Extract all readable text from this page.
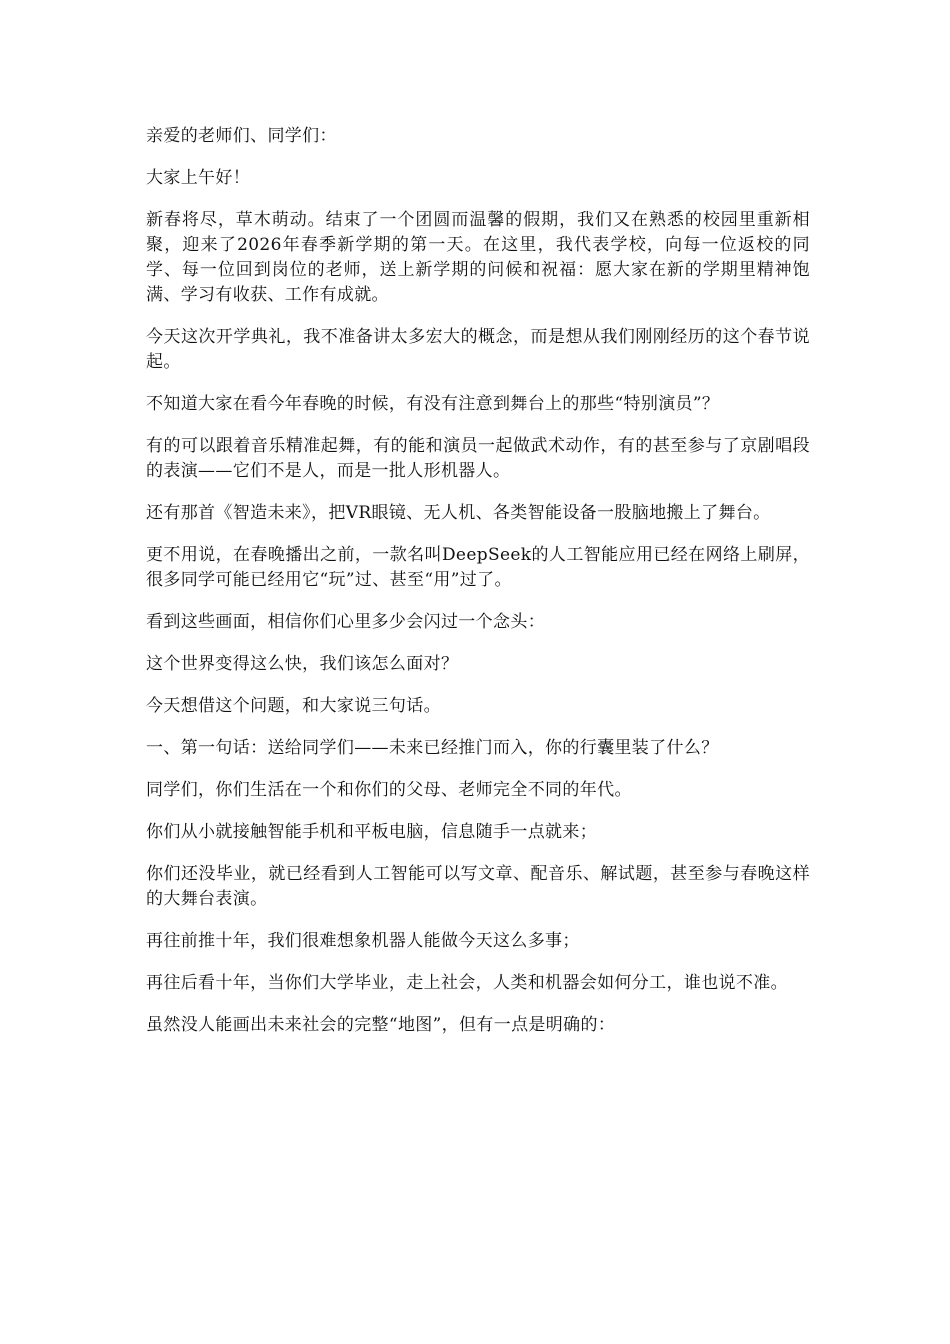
亲爱的老师们、同学们：

大家上午好！

新春将尽，草木萌动。结束了一个团圆而温馨的假期，我们又在熟悉的校园里重新相聚，迎来了2026年春季新学期的第一天。在这里，我代表学校，向每一位返校的同学、每一位回到岗位的老师，送上新学期的问候和祝福：愿大家在新的学期里精神饱满、学习有收获、工作有成就。

今天这次开学典礼，我不准备讲太多宏大的概念，而是想从我们刚刚经历的这个春节说起。

不知道大家在看今年春晚的时候，有没有注意到舞台上的那些“特别演员”？

有的可以跟着音乐精准起舞，有的能和演员一起做武术动作，有的甚至参与了京剧唱段的表演——它们不是人，而是一批人形机器人。

还有那首《智造未来》，把VR眼镜、无人机、各类智能设备一股脑地搬上了舞台。

更不用说，在春晚播出之前，一款名叫DeepSeek的人工智能应用已经在网络上刷屏，很多同学可能已经用它“玩”过、甚至“用”过了。

看到这些画面，相信你们心里多少会闪过一个念头：

这个世界变得这么快，我们该怎么面对？

今天想借这个问题，和大家说三句话。

一、第一句话：送给同学们——未来已经推门而入，你的行囊里装了什么？

同学们，你们生活在一个和你们的父母、老师完全不同的年代。

你们从小就接触智能手机和平板电脑，信息随手一点就来；

你们还没毕业，就已经看到人工智能可以写文章、配音乐、解试题，甚至参与春晚这样的大舞台表演。

再往前推十年，我们很难想象机器人能做今天这么多事；

再往后看十年，当你们大学毕业，走上社会，人类和机器会如何分工，谁也说不准。

虽然没人能画出未来社会的完整“地图”，但有一点是明确的：
